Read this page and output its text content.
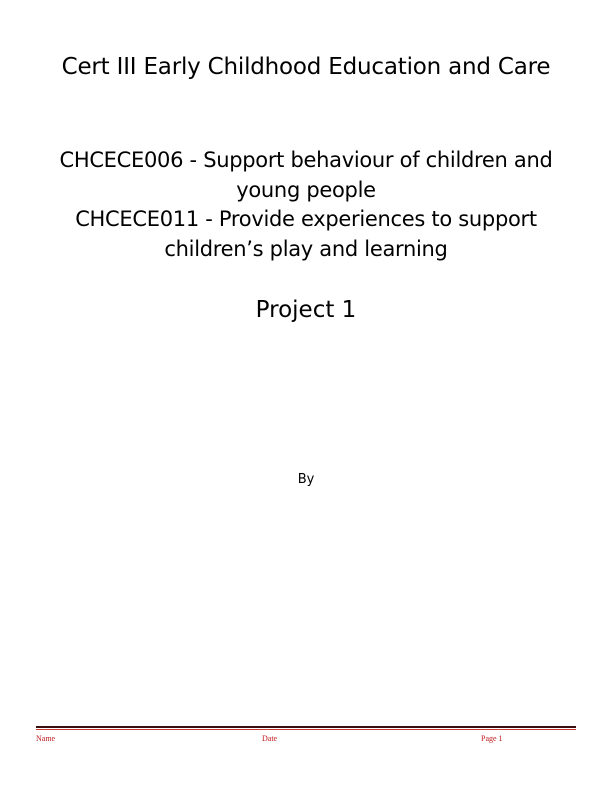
Cert III Early Childhood Education and Care
CHCECE006 - Support behaviour of children and young people
CHCECE011 - Provide experiences to support children’s play and learning
Project 1
By
Name	Date	Page 1
